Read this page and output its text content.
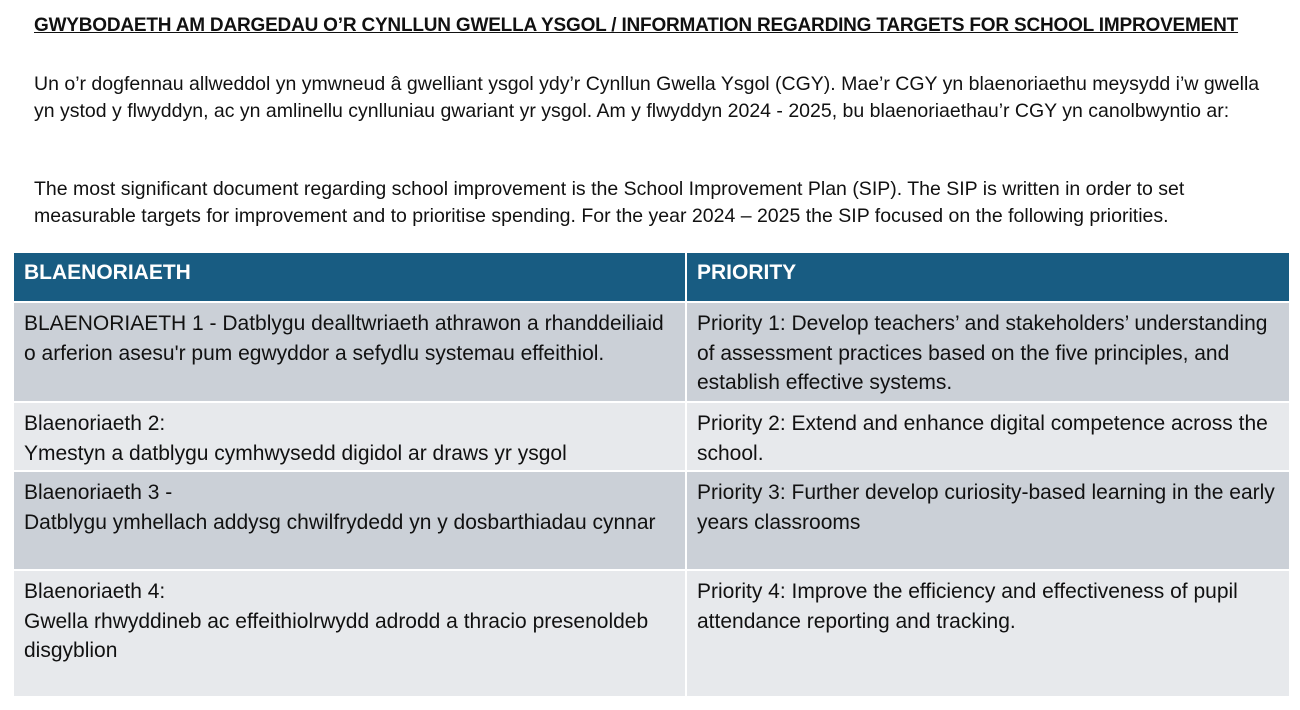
GWYBODAETH AM DARGEDAU O’R CYNLLUN GWELLA YSGOL / INFORMATION REGARDING TARGETS FOR SCHOOL IMPROVEMENT

Un o’r dogfennau allweddol yn ymwneud â gwelliant ysgol ydy’r Cynllun Gwella Ysgol (CGY). Mae’r CGY yn blaenoriaethu meysydd i’w gwella yn ystod y flwyddyn, ac yn amlinellu cynlluniau gwariant yr ysgol. Am y flwyddyn 2024 - 2025, bu blaenoriaethau’r CGY yn canolbwyntio ar:

The most significant document regarding school improvement is the School Improvement Plan (SIP). The SIP is written in order to set measurable targets for improvement and to prioritise spending. For the year 2024 – 2025 the SIP focused on the following priorities.

BLAENORIAETH	PRIORITY
BLAENORIAETH 1 - Datblygu dealltwriaeth athrawon a rhanddeiliaid o arferion asesu'r pum egwyddor a sefydlu systemau effeithiol.	Priority 1: Develop teachers’ and stakeholders’ understanding of assessment practices based on the five principles, and establish effective systems.
Blaenoriaeth 2:
Ymestyn a datblygu cymhwysedd digidol ar draws yr ysgol	Priority 2: Extend and enhance digital competence across the school.
Blaenoriaeth 3 -
Datblygu ymhellach addysg chwilfrydedd yn y dosbarthiadau cynnar	Priority 3: Further develop curiosity-based learning in the early years classrooms
Blaenoriaeth 4:
Gwella rhwyddineb ac effeithiolrwydd adrodd a thracio presenoldeb disgyblion	Priority 4: Improve the efficiency and effectiveness of pupil attendance reporting and tracking.
